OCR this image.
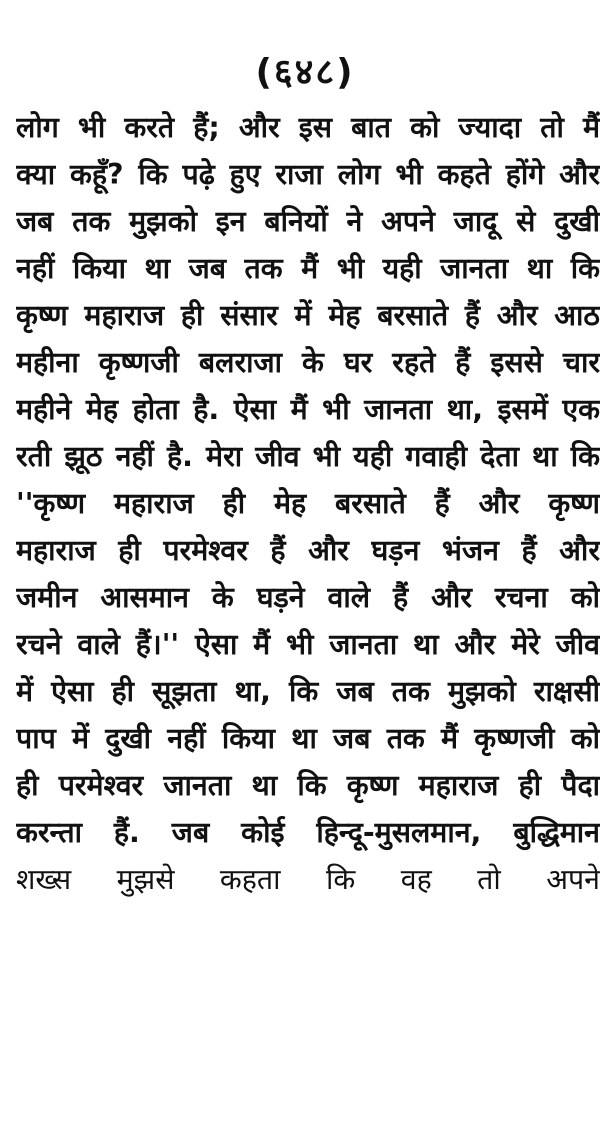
(६४८)
लोग भी करते हैं; और इस बात को ज्यादा तो मैं
क्या कहूँ? कि पढ़े हुए राजा लोग भी कहते होंगे और
जब तक मुझको इन बनियों ने अपने जादू से दुखी
नहीं किया था जब तक मैं भी यही जानता था कि
कृष्ण महाराज ही संसार में मेह बरसाते हैं और आठ
महीना कृष्णजी बलराजा के घर रहते हैं इससे चार
महीने मेह होता है. ऐसा मैं भी जानता था, इसमें एक
रती झूठ नहीं है. मेरा जीव भी यही गवाही देता था कि
''कृष्ण महाराज ही मेह बरसाते हैं और कृष्ण
महाराज ही परमेश्वर हैं और घड़न भंजन हैं और
जमीन आसमान के घड़ने वाले हैं और रचना को
रचने वाले हैं।'' ऐसा मैं भी जानता था और मेरे जीव
में ऐसा ही सूझता था, कि जब तक मुझको राक्षसी
पाप में दुखी नहीं किया था जब तक मैं कृष्णजी को
ही परमेश्वर जानता था कि कृष्ण महाराज ही पैदा
करन्ता हैं. जब कोई हिन्दू-मुसलमान, बुद्धिमान
शख्स मुझसे कहता कि वह तो अपने
